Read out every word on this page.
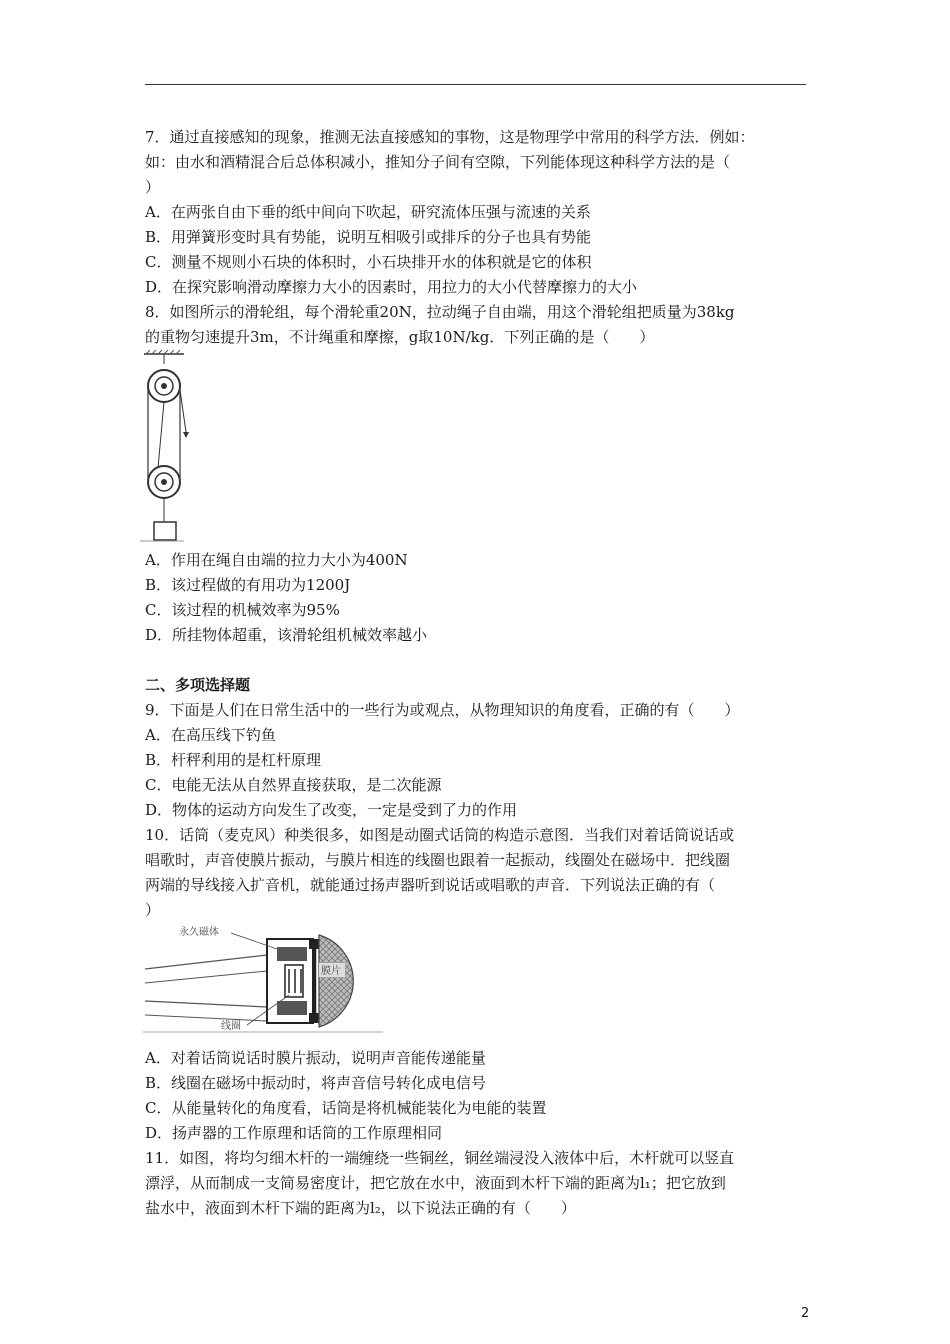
7．通过直接感知的现象，推测无法直接感知的事物，这是物理学中常用的科学方法．例如：
如：由水和酒精混合后总体积减小，推知分子间有空隙，下列能体现这种科学方法的是（
）
A．在两张自由下垂的纸中间向下吹起，研究流体压强与流速的关系
B．用弹簧形变时具有势能，说明互相吸引或排斥的分子也具有势能
C．测量不规则小石块的体积时，小石块排开水的体积就是它的体积
D．在探究影响滑动摩擦力大小的因素时，用拉力的大小代替摩擦力的大小
8．如图所示的滑轮组，每个滑轮重20N，拉动绳子自由端，用这个滑轮组把质量为38kg
的重物匀速提升3m，不计绳重和摩擦，g取10N/kg．下列正确的是（　　）
A．作用在绳自由端的拉力大小为400N
B．该过程做的有用功为1200J
C．该过程的机械效率为95%
D．所挂物体超重，该滑轮组机械效率越小
二、多项选择题
9．下面是人们在日常生活中的一些行为或观点，从物理知识的角度看，正确的有（　　）
A．在高压线下钓鱼
B．杆秤利用的是杠杆原理
C．电能无法从自然界直接获取，是二次能源
D．物体的运动方向发生了改变，一定是受到了力的作用
10．话筒（麦克风）种类很多，如图是动圈式话筒的构造示意图．当我们对着话筒说话或
唱歌时，声音使膜片振动，与膜片相连的线圈也跟着一起振动，线圈处在磁场中．把线圈
两端的导线接入扩音机，就能通过扬声器听到说话或唱歌的声音．下列说法正确的有（
）
永久磁体
膜片
线圈
A．对着话筒说话时膜片振动，说明声音能传递能量
B．线圈在磁场中振动时，将声音信号转化成电信号
C．从能量转化的角度看，话筒是将机械能装化为电能的装置
D．扬声器的工作原理和话筒的工作原理相同
11．如图，将均匀细木杆的一端缠绕一些铜丝，铜丝端浸没入液体中后，木杆就可以竖直
漂浮，从而制成一支简易密度计，把它放在水中，液面到木杆下端的距离为l₁；把它放到
盐水中，液面到木杆下端的距离为l₂，以下说法正确的有（　　）
2
